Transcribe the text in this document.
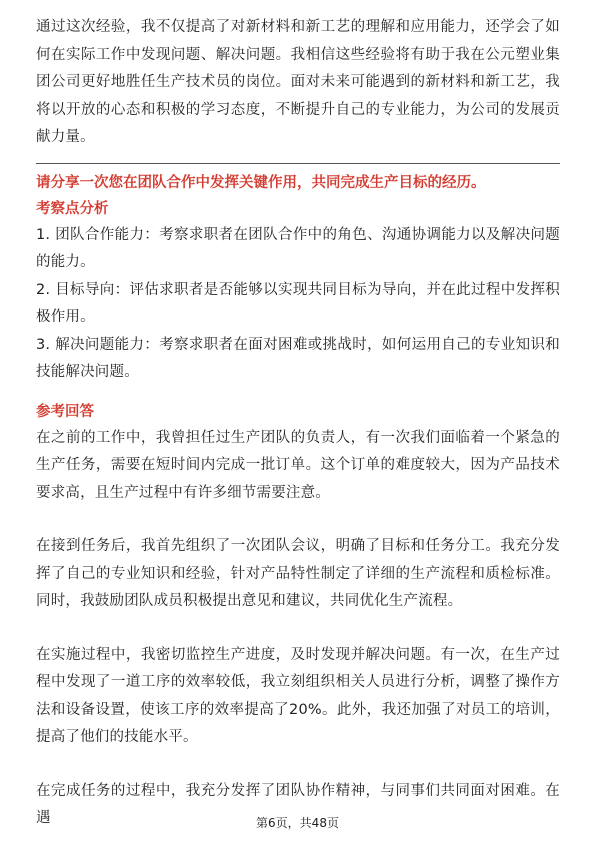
通过这次经验，我不仅提高了对新材料和新工艺的理解和应用能力，还学会了如何在实际工作中发现问题、解决问题。我相信这些经验将有助于我在公元塑业集团公司更好地胜任生产技术员的岗位。面对未来可能遇到的新材料和新工艺，我将以开放的心态和积极的学习态度，不断提升自己的专业能力，为公司的发展贡献力量。

请分享一次您在团队合作中发挥关键作用，共同完成生产目标的经历。
考察点分析

1. 团队合作能力：考察求职者在团队合作中的角色、沟通协调能力以及解决问题的能力。

2. 目标导向：评估求职者是否能够以实现共同目标为导向，并在此过程中发挥积极作用。

3. 解决问题能力：考察求职者在面对困难或挑战时，如何运用自己的专业知识和技能解决问题。

参考回答

在之前的工作中，我曾担任过生产团队的负责人，有一次我们面临着一个紧急的生产任务，需要在短时间内完成一批订单。这个订单的难度较大，因为产品技术要求高，且生产过程中有许多细节需要注意。

在接到任务后，我首先组织了一次团队会议，明确了目标和任务分工。我充分发挥了自己的专业知识和经验，针对产品特性制定了详细的生产流程和质检标准。同时，我鼓励团队成员积极提出意见和建议，共同优化生产流程。

在实施过程中，我密切监控生产进度，及时发现并解决问题。有一次，在生产过程中发现了一道工序的效率较低，我立刻组织相关人员进行分析，调整了操作方法和设备设置，使该工序的效率提高了20%。此外，我还加强了对员工的培训，提高了他们的技能水平。

在完成任务的过程中，我充分发挥了团队协作精神，与同事们共同面对困难。在遇	第6页，共48页
